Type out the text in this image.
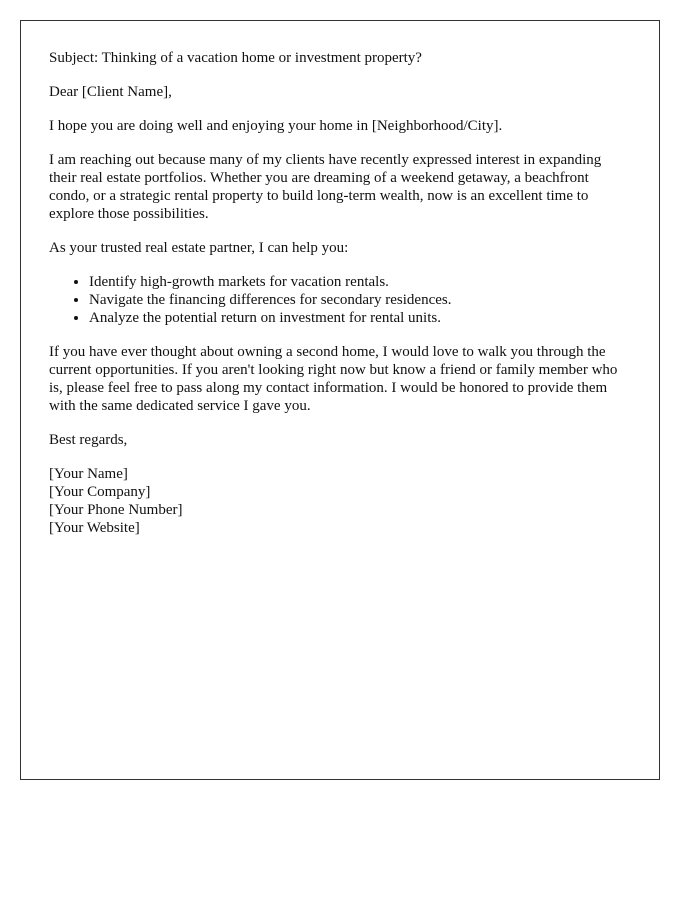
Subject: Thinking of a vacation home or investment property?

Dear [Client Name],

I hope you are doing well and enjoying your home in [Neighborhood/City].

I am reaching out because many of my clients have recently expressed interest in expanding their real estate portfolios. Whether you are dreaming of a weekend getaway, a beachfront condo, or a strategic rental property to build long-term wealth, now is an excellent time to explore those possibilities.

As your trusted real estate partner, I can help you:

• Identify high-growth markets for vacation rentals.
• Navigate the financing differences for secondary residences.
• Analyze the potential return on investment for rental units.

If you have ever thought about owning a second home, I would love to walk you through the current opportunities. If you aren't looking right now but know a friend or family member who is, please feel free to pass along my contact information. I would be honored to provide them with the same dedicated service I gave you.

Best regards,

[Your Name]
[Your Company]
[Your Phone Number]
[Your Website]
